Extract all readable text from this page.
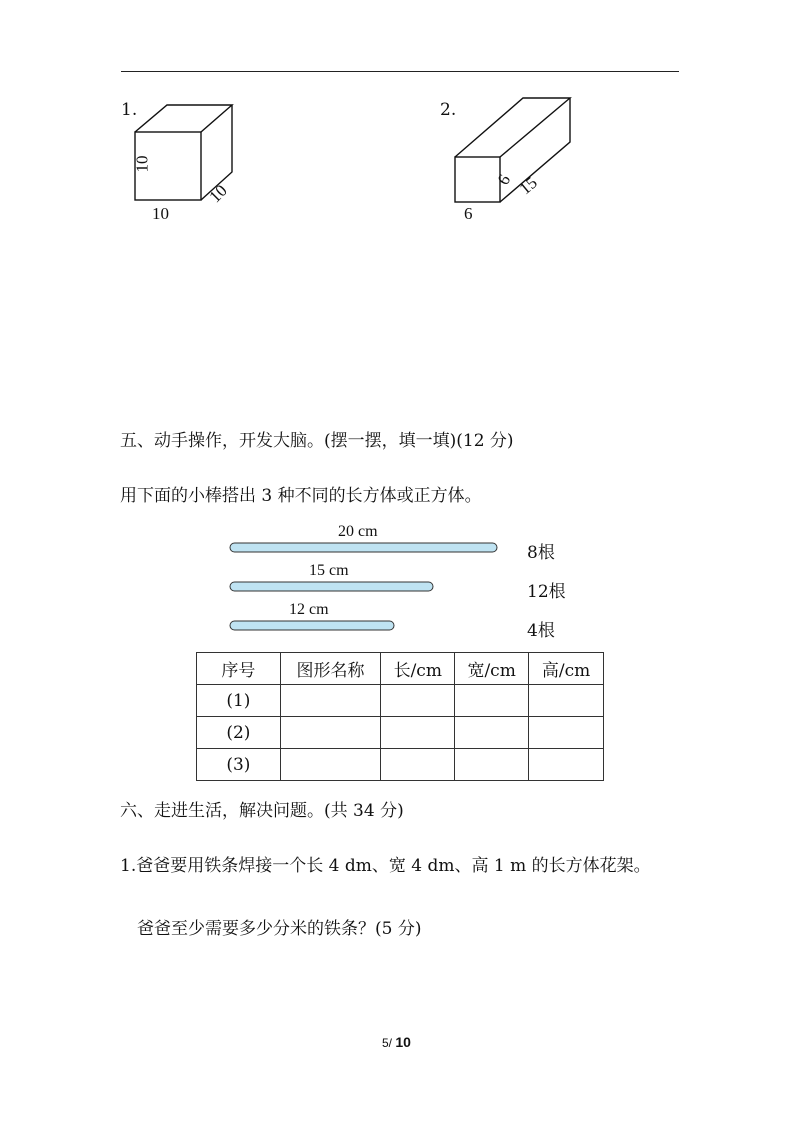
1.
10
10
10
2.
6
6 15
五、动手操作，开发大脑。(摆一摆，填一填)(12 分)
用下面的小棒搭出 3 种不同的长方体或正方体。
20 cm
8根
15 cm
12根
12 cm
4根
序号	图形名称	长/cm	宽/cm	高/cm
(1)				
(2)				
(3)				
六、走进生活，解决问题。(共 34 分)
1.爸爸要用铁条焊接一个长 4 dm、宽 4 dm、高 1 m 的长方体花架。
爸爸至少需要多少分米的铁条？(5 分)
5/ 10
